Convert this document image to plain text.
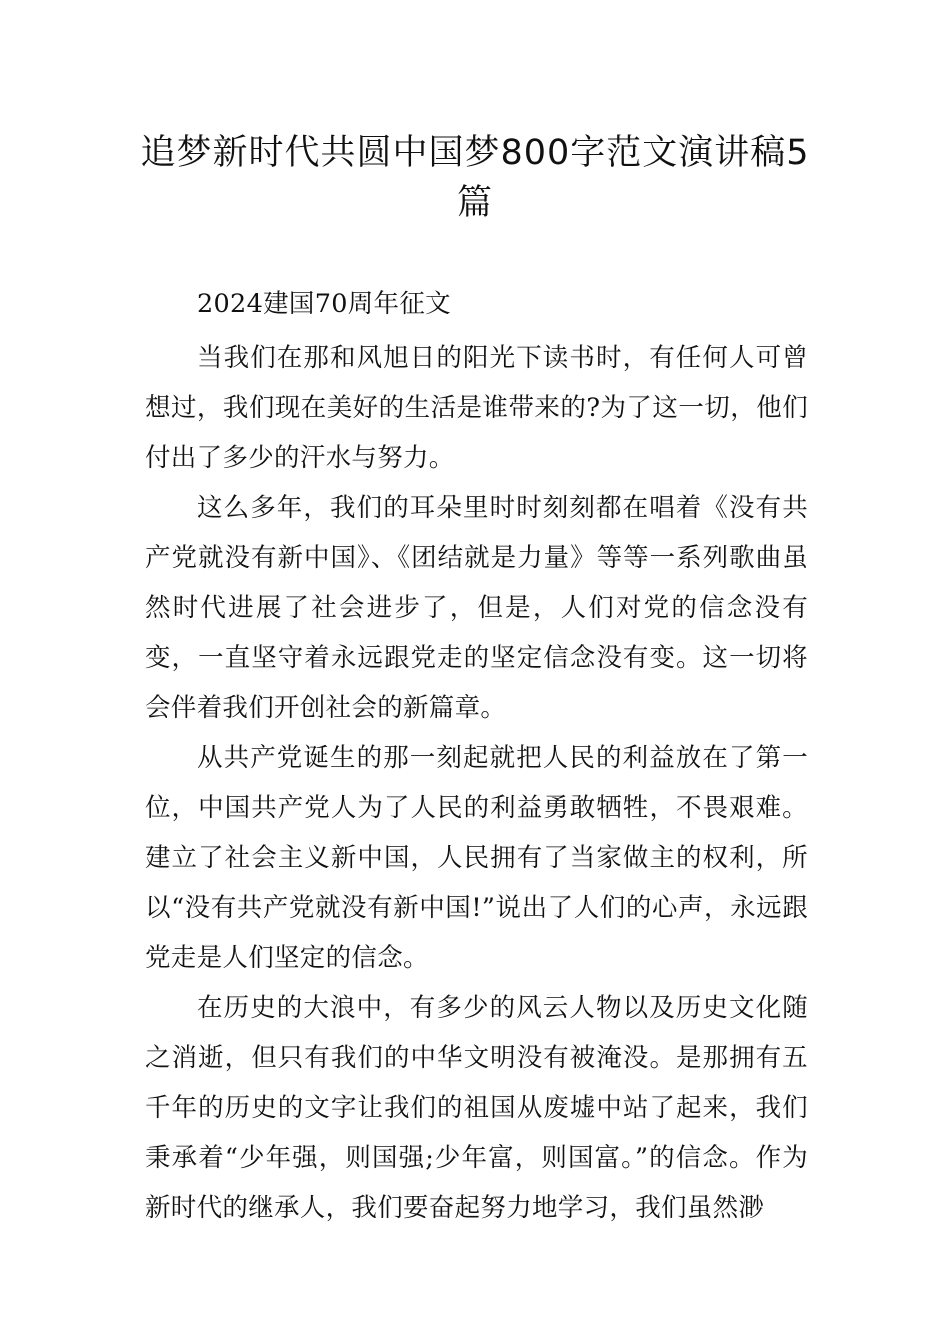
追梦新时代共圆中国梦800字范文演讲稿5篇

2024建国70周年征文

当我们在那和风旭日的阳光下读书时，有任何人可曾想过，我们现在美好的生活是谁带来的?为了这一切，他们付出了多少的汗水与努力。

这么多年，我们的耳朵里时时刻刻都在唱着《没有共产党就没有新中国》、《团结就是力量》等等一系列歌曲虽然时代进展了社会进步了，但是，人们对党的信念没有变，一直坚守着永远跟党走的坚定信念没有变。这一切将会伴着我们开创社会的新篇章。

从共产党诞生的那一刻起就把人民的利益放在了第一位，中国共产党人为了人民的利益勇敢牺牲，不畏艰难。建立了社会主义新中国，人民拥有了当家做主的权利，所以“没有共产党就没有新中国!”说出了人们的心声，永远跟党走是人们坚定的信念。

在历史的大浪中，有多少的风云人物以及历史文化随之消逝，但只有我们的中华文明没有被淹没。是那拥有五千年的历史的文字让我们的祖国从废墟中站了起来，我们秉承着“少年强，则国强;少年富，则国富。”的信念。作为新时代的继承人，我们要奋起努力地学习，我们虽然渺
